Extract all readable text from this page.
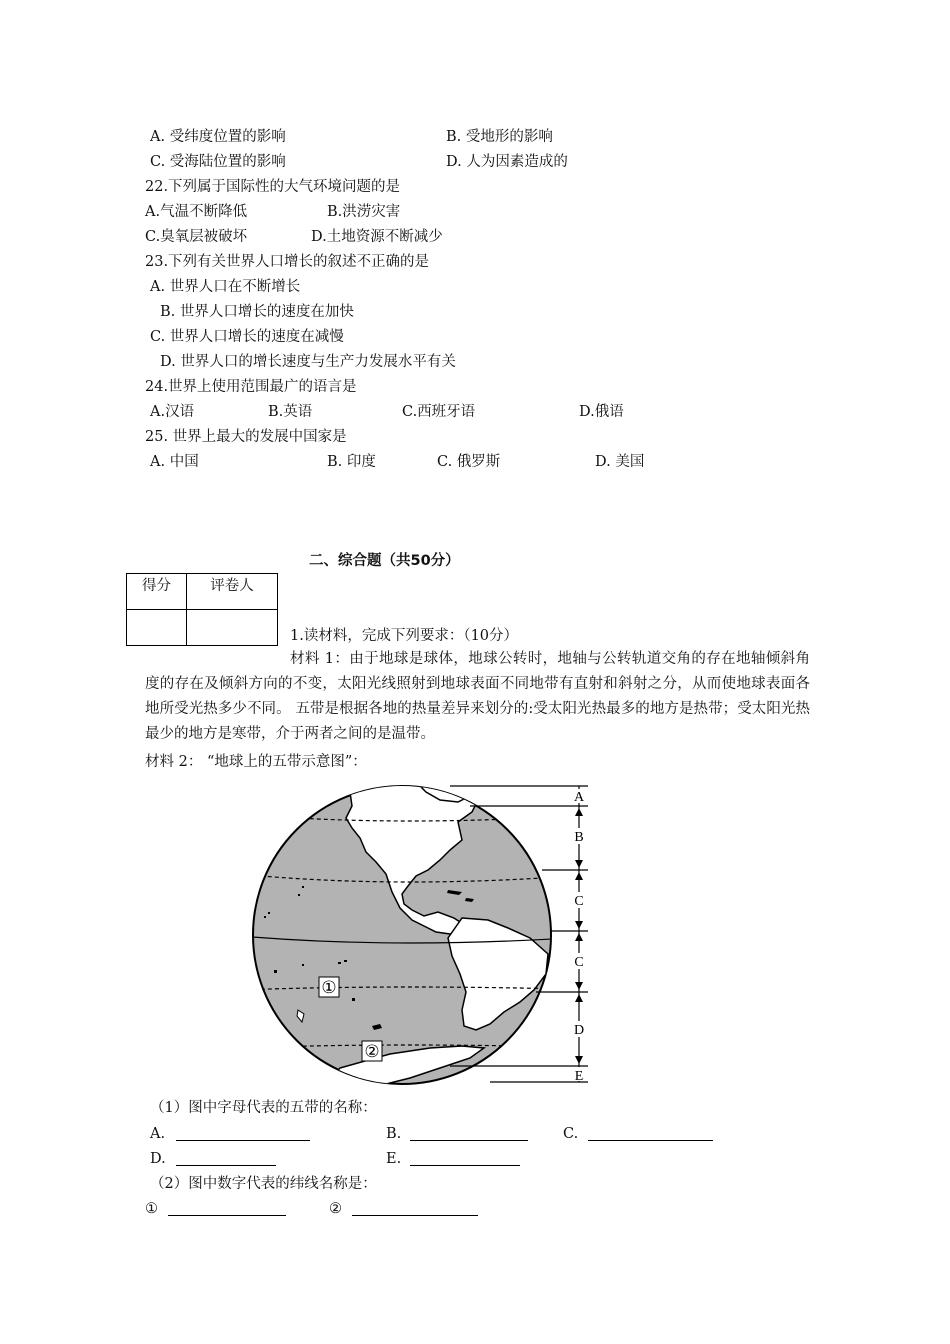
A. 受纬度位置的影响	B. 受地形的影响
C. 受海陆位置的影响	D. 人为因素造成的
22.下列属于国际性的大气环境问题的是
A.气温不断降低	B.洪涝灾害
C.臭氧层被破坏	D.土地资源不断减少
23.下列有关世界人口增长的叙述不正确的是
A. 世界人口在不断增长
B. 世界人口增长的速度在加快
C. 世界人口增长的速度在减慢
D. 世界人口的增长速度与生产力发展水平有关
24.世界上使用范围最广的语言是
A.汉语	B.英语	C.西班牙语	D.俄语
25. 世界上最大的发展中国家是
A. 中国	B. 印度	C. 俄罗斯	D. 美国
二、综合题（共50分）
得分	评卷人

1.读材料，完成下列要求：（10分）
材料 1：由于地球是球体，地球公转时，地轴与公转轨道交角的存在地轴倾斜角度的存在及倾斜方向的不变，太阳光线照射到地球表面不同地带有直射和斜射之分，从而使地球表面各地所受光热多少不同。 五带是根据各地的热量差异来划分的:受太阳光热最多的地方是热带；受太阳光热最少的地方是寒带，介于两者之间的是温带。
材料 2： “地球上的五带示意图”：
A
B
C
C
D
E
①
②
（1）图中字母代表的五带的名称：
A.	B.	C.
D.	E.
（2）图中数字代表的纬线名称是：
①	②
